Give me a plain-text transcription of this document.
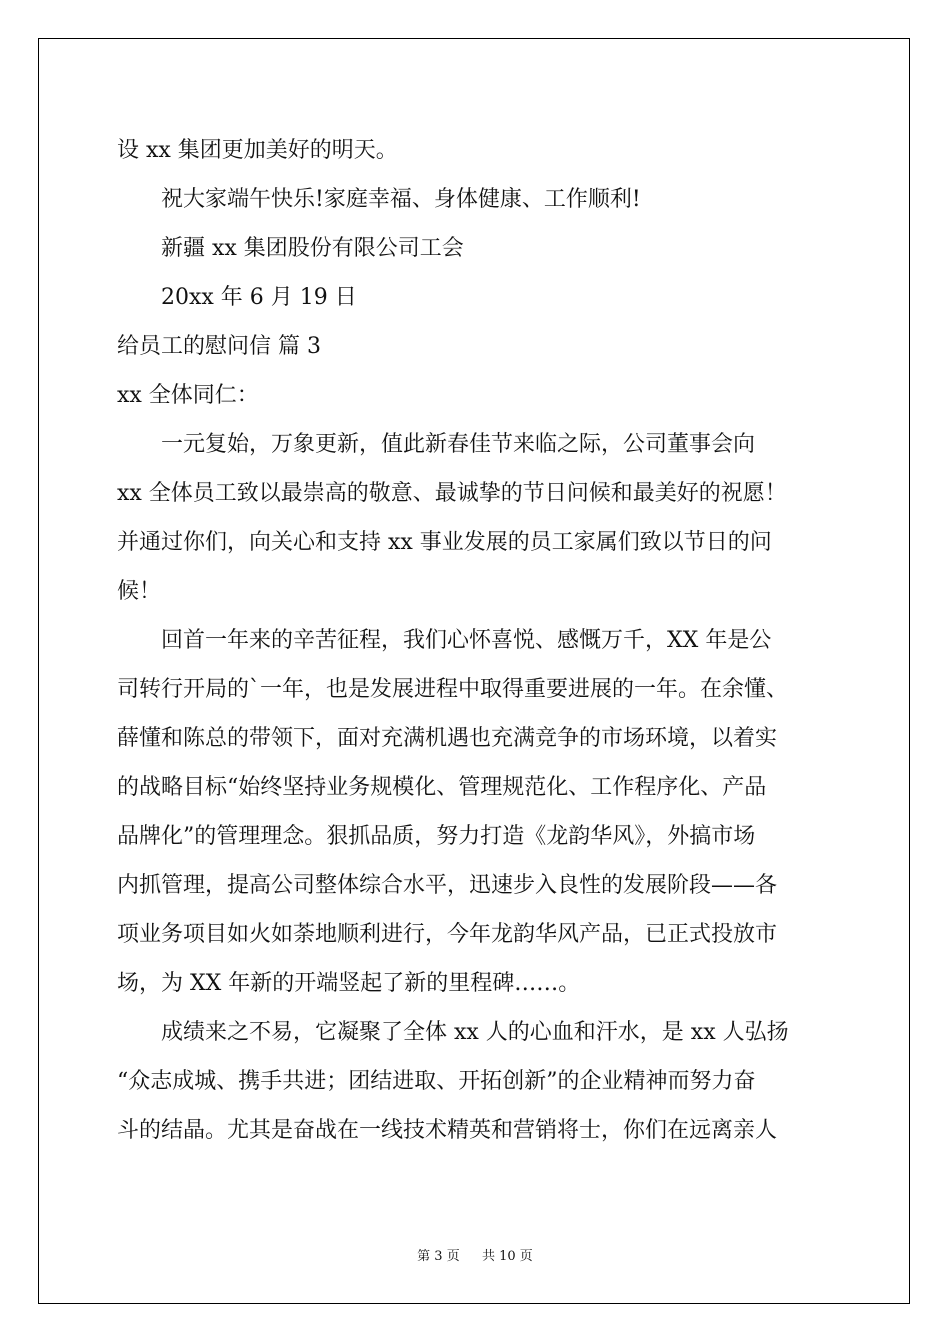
设 xx 集团更加美好的明天。
祝大家端午快乐!家庭幸福、身体健康、工作顺利!
新疆 xx 集团股份有限公司工会
20xx 年 6 月 19 日
给员工的慰问信 篇 3
xx 全体同仁：
一元复始，万象更新，值此新春佳节来临之际，公司董事会向
xx 全体员工致以最崇高的敬意、最诚挚的节日问候和最美好的祝愿！
并通过你们，向关心和支持 xx 事业发展的员工家属们致以节日的问
候！
回首一年来的辛苦征程，我们心怀喜悦、感慨万千，XX 年是公
司转行开局的`一年，也是发展进程中取得重要进展的一年。在余懂、
薛懂和陈总的带领下，面对充满机遇也充满竞争的市场环境，以着实
的战略目标“始终坚持业务规模化、管理规范化、工作程序化、产品
品牌化”的管理理念。狠抓品质，努力打造《龙韵华风》，外搞市场
内抓管理，提高公司整体综合水平，迅速步入良性的发展阶段——各
项业务项目如火如荼地顺利进行，今年龙韵华风产品，已正式投放市
场，为 XX 年新的开端竖起了新的里程碑……。
成绩来之不易，它凝聚了全体 xx 人的心血和汗水，是 xx 人弘扬
“众志成城、携手共进；团结进取、开拓创新”的企业精神而努力奋
斗的结晶。尤其是奋战在一线技术精英和营销将士，你们在远离亲人
第 3 页 共 10 页
